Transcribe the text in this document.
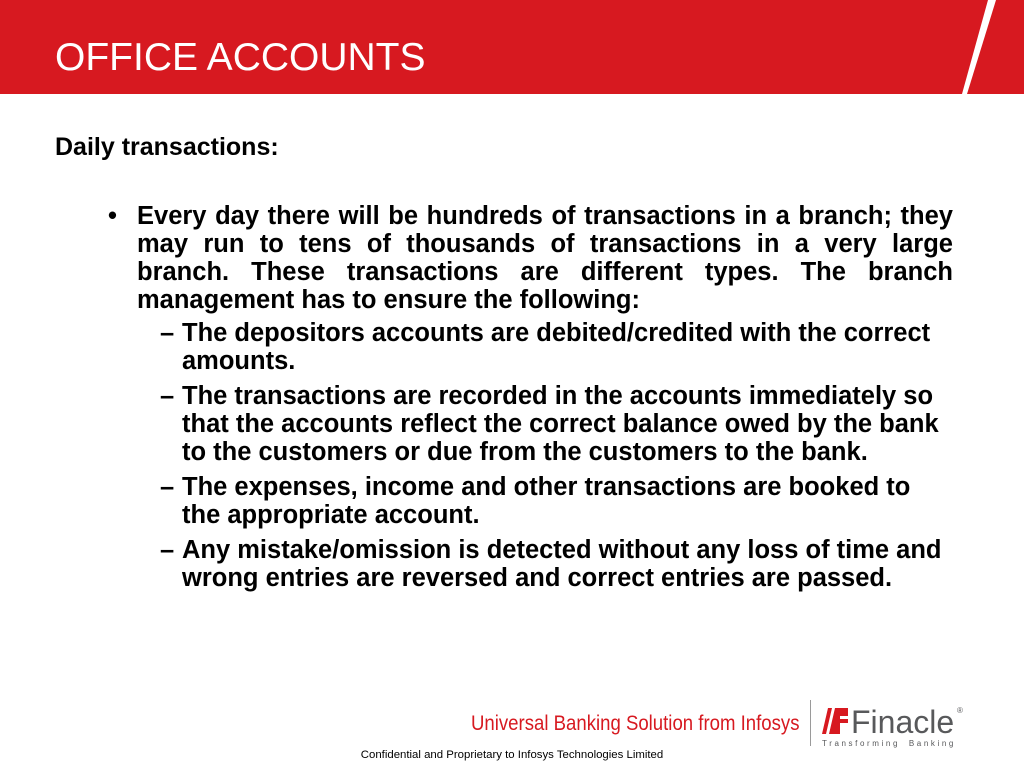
OFFICE ACCOUNTS
Daily transactions:
• Every day there will be hundreds of transactions in a branch; they may run to tens of thousands of transactions in a very large branch. These transactions are different types. The branch management has to ensure the following:
– The depositors accounts are debited/credited with the correct amounts.
– The transactions are recorded in the accounts immediately so that the accounts reflect the correct balance owed by the bank to the customers or due from the customers to the bank.
– The expenses, income and other transactions are booked to the appropriate account.
– Any mistake/omission is detected without any loss of time and wrong entries are reversed and correct entries are passed.
Universal Banking Solution from Infosys Finacle ®
Transforming Banking
Confidential and Proprietary to Infosys Technologies Limited
